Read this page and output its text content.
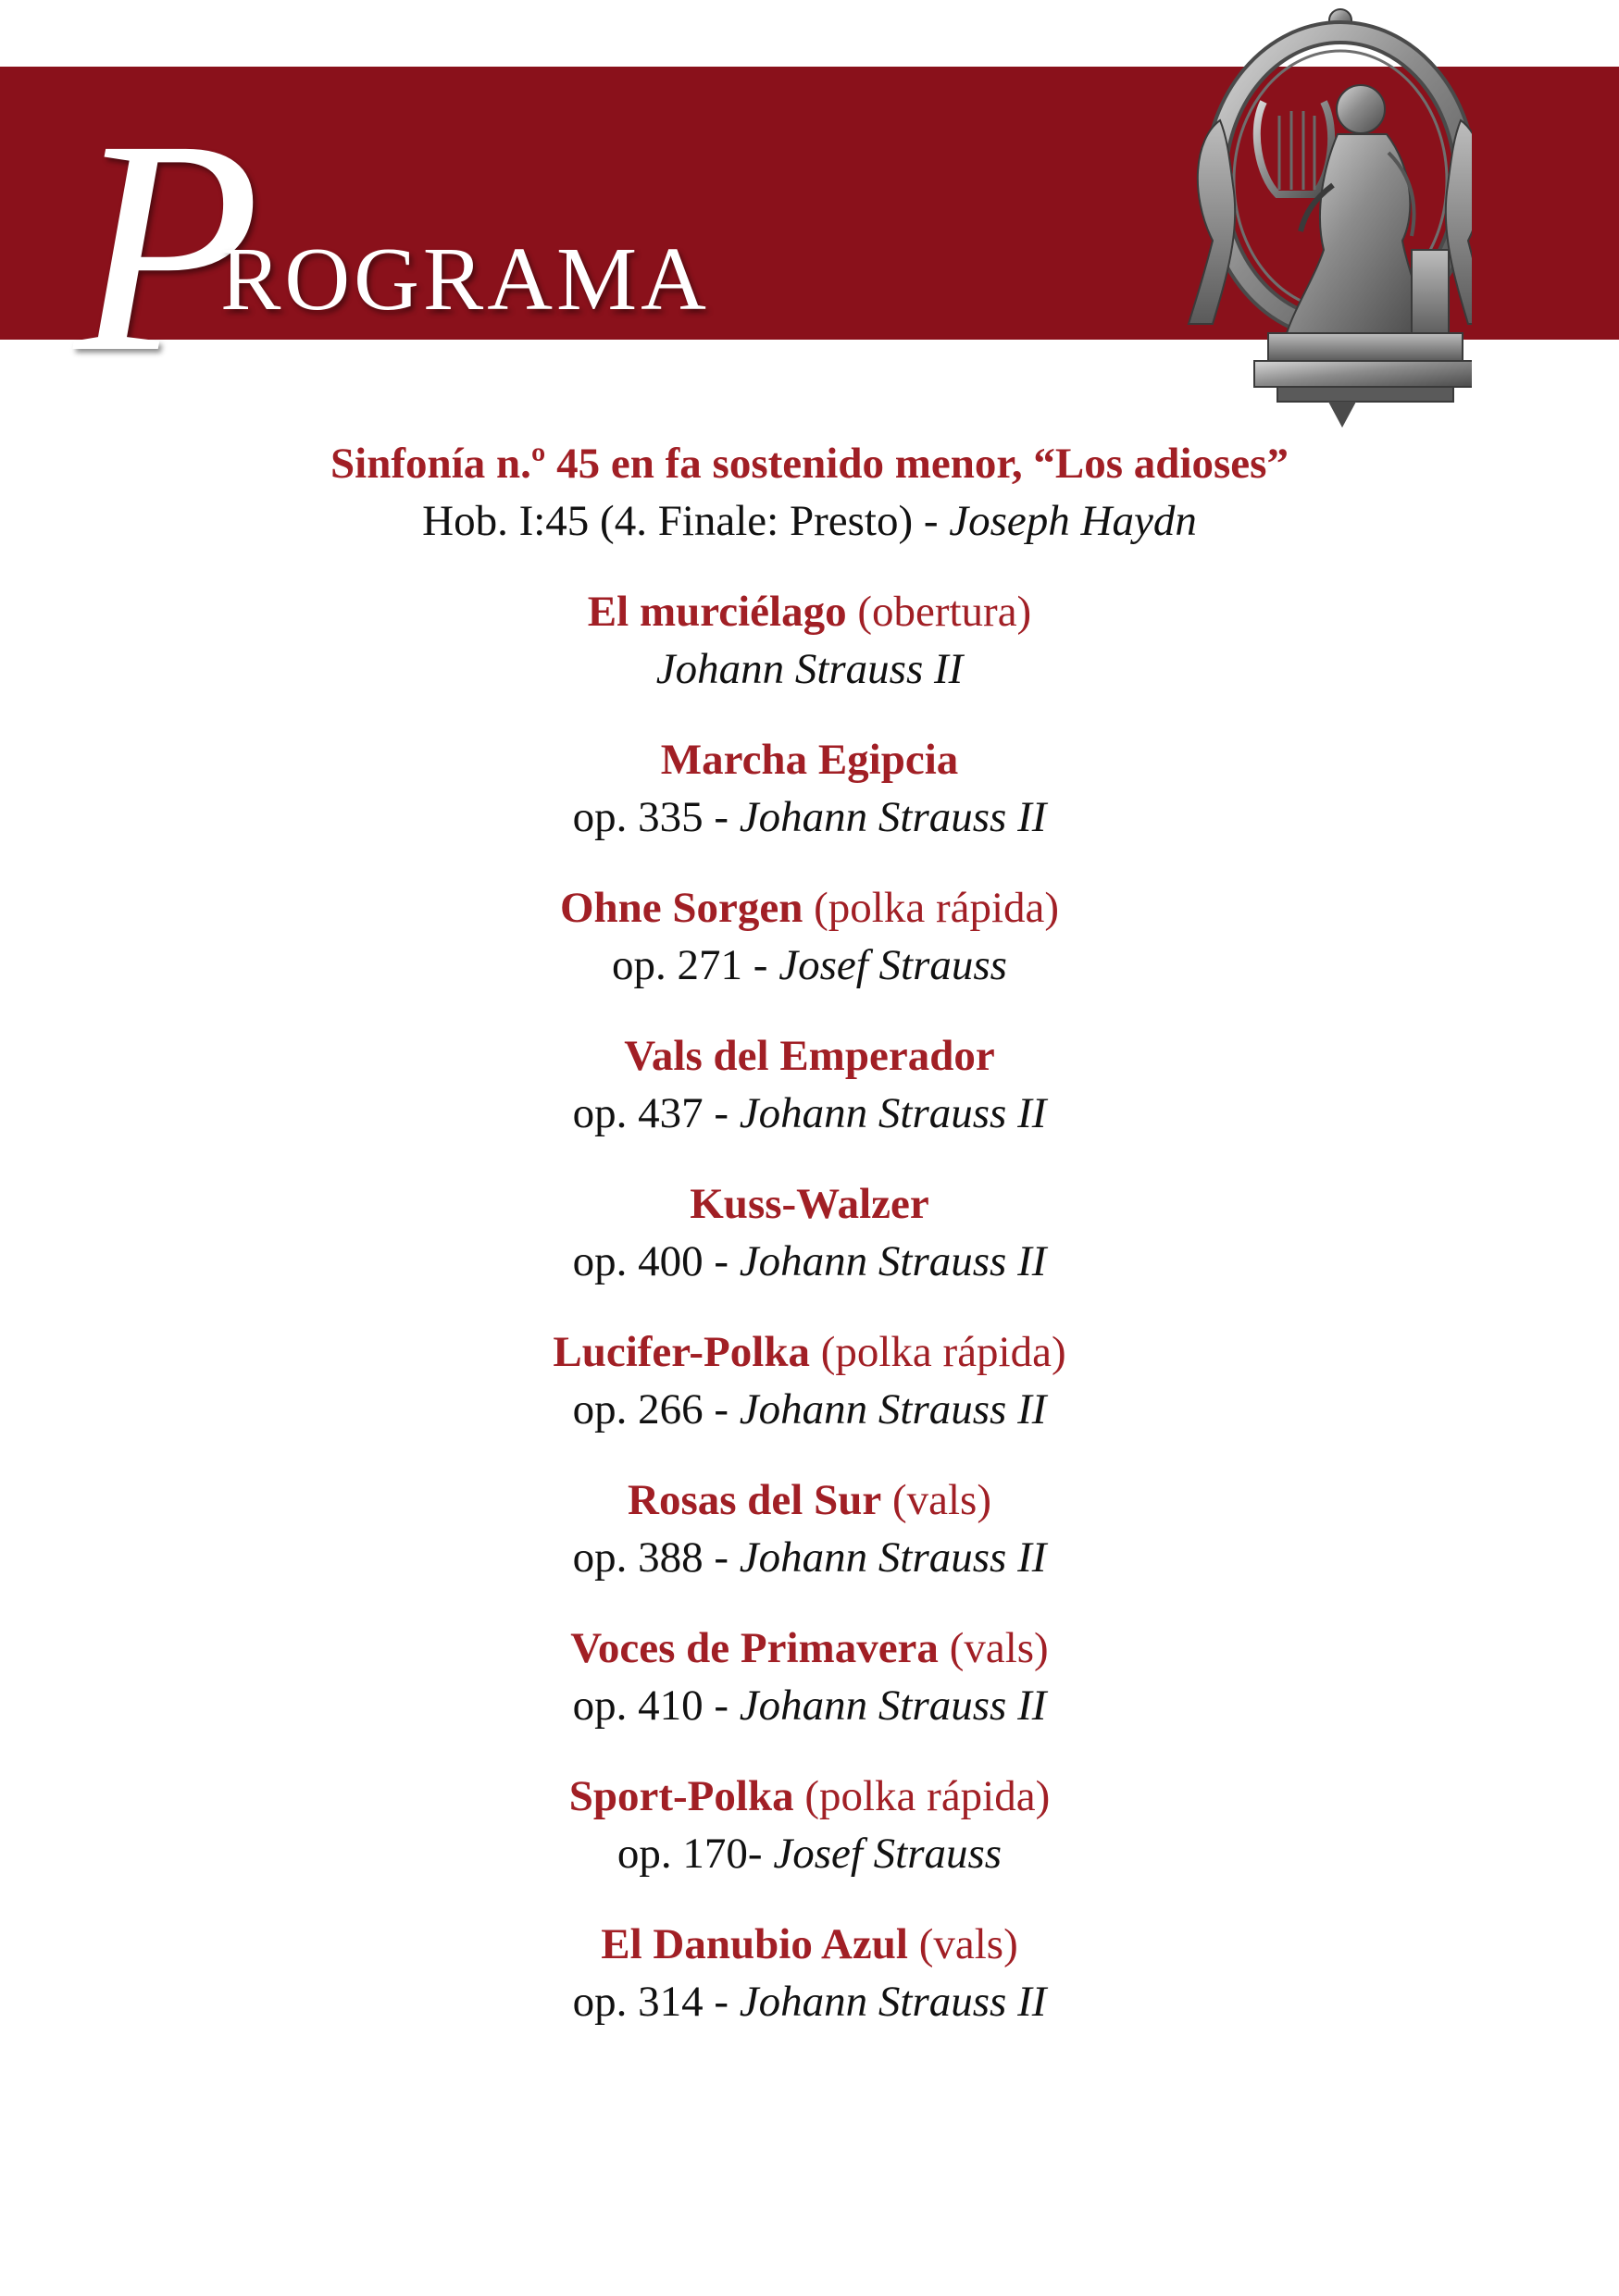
P
ROGRAMA
Sinfonía n.º 45 en fa sostenido menor, “Los adioses”
Hob. I:45 (4. Finale: Presto) - Joseph Haydn
El murciélago (obertura)
Johann Strauss II
Marcha Egipcia
op. 335 - Johann Strauss II
Ohne Sorgen (polka rápida)
op. 271 - Josef Strauss
Vals del Emperador
op. 437 - Johann Strauss II
Kuss-Walzer
op. 400 - Johann Strauss II
Lucifer-Polka (polka rápida)
op. 266 - Johann Strauss II
Rosas del Sur (vals)
op. 388 - Johann Strauss II
Voces de Primavera (vals)
op. 410 - Johann Strauss II
Sport-Polka (polka rápida)
op. 170- Josef Strauss
El Danubio Azul (vals)
op. 314 - Johann Strauss II
